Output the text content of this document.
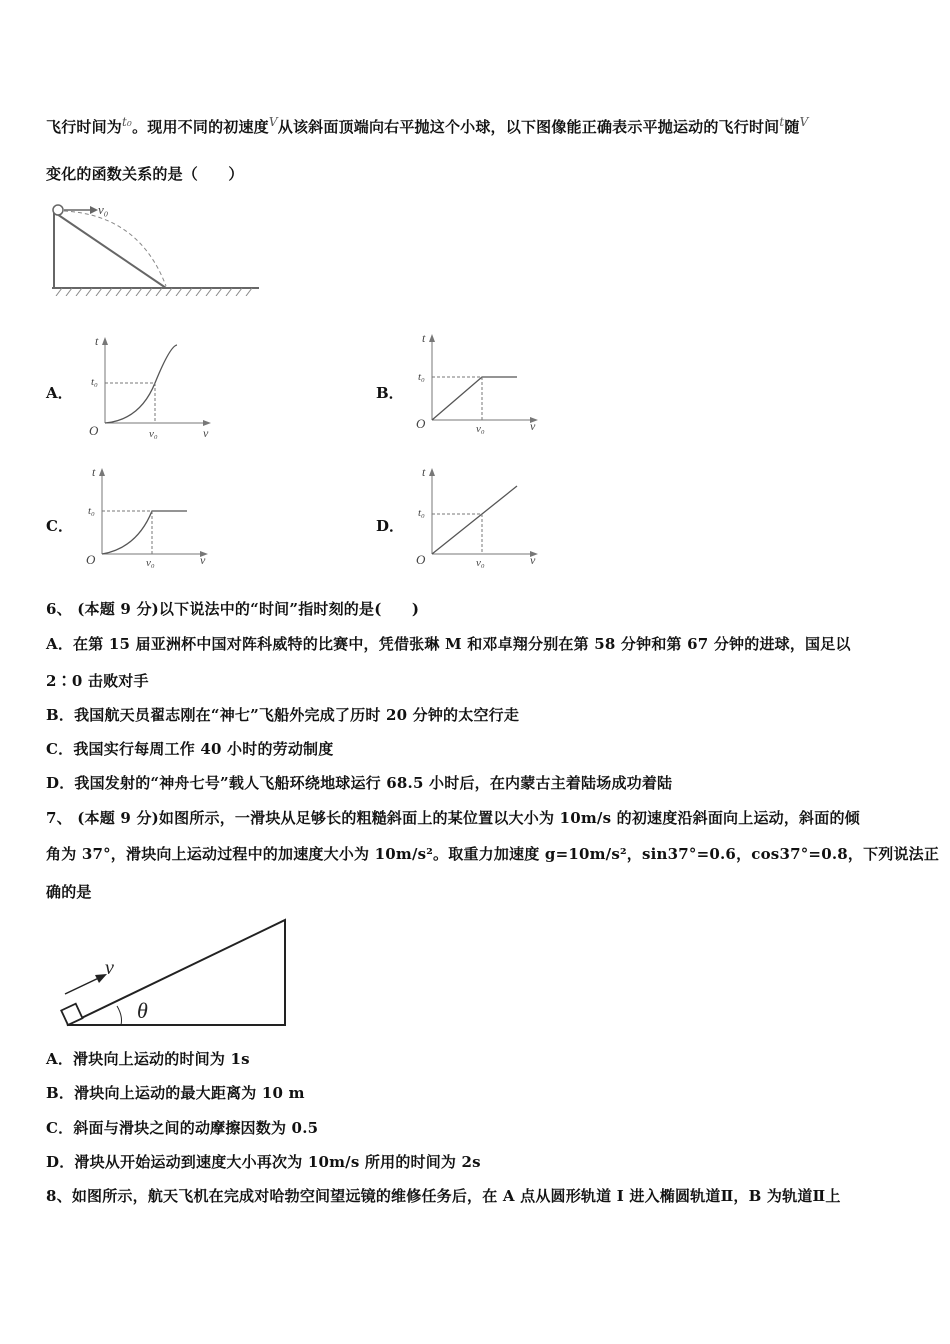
飞行时间为$^{t_0}$。现用不同的初速度$^V$从该斜面顶端向右平抛这个小球，以下图像能正确表示平抛运动的飞行时间$^t$随$^V$
变化的函数关系的是（　　）
v₀
A．	B．
C．	D．
t
t₀
O	v₀	v
t
t₀
O	v₀	v
t
t₀
O	v₀	v
t
t₀
O	v₀	v
6、 (本题 9 分)以下说法中的“时间”指时刻的是(　　)
A．在第 15 届亚洲杯中国对阵科威特的比赛中，凭借张琳 M 和邓卓翔分别在第 58 分钟和第 67 分钟的进球，国足以
2∶0 击败对手
B．我国航天员翟志刚在“神七”飞船外完成了历时 20 分钟的太空行走
C．我国实行每周工作 40 小时的劳动制度
D．我国发射的“神舟七号”载人飞船环绕地球运行 68.5 小时后，在内蒙古主着陆场成功着陆
7、 (本题 9 分)如图所示，一滑块从足够长的粗糙斜面上的某位置以大小为 10m/s 的初速度沿斜面向上运动，斜面的倾
角为 37°，滑块向上运动过程中的加速度大小为 10m/s²。取重力加速度 g=10m/s²，sin37°=0.6，cos37°=0.8，下列说法正
确的是
v
θ
A．滑块向上运动的时间为 1s
B．滑块向上运动的最大距离为 10 m
C．斜面与滑块之间的动摩擦因数为 0.5
D．滑块从开始运动到速度大小再次为 10m/s 所用的时间为 2s
8、如图所示，航天飞机在完成对哈勃空间望远镜的维修任务后，在 A 点从圆形轨道 I 进入椭圆轨道Ⅱ，B 为轨道Ⅱ上
